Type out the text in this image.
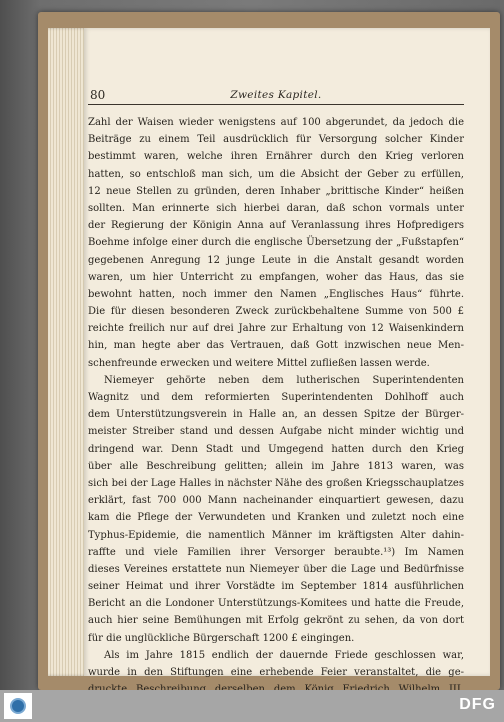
80	Zweites Kapitel.
Zahl der Waisen wieder wenigstens auf 100 abgerundet, da jedoch die
Beiträge zu einem Teil ausdrücklich für Versorgung solcher Kinder
bestimmt waren, welche ihren Ernährer durch den Krieg verloren
hatten, so entschloß man sich, um die Absicht der Geber zu erfüllen,
12 neue Stellen zu gründen, deren Inhaber „brittische Kinder“ heißen
sollten. Man erinnerte sich hierbei daran, daß schon vormals unter
der Regierung der Königin Anna auf Veranlassung ihres Hofpredigers
Boehme infolge einer durch die englische Übersetzung der „Fußstapfen“
gegebenen Anregung 12 junge Leute in die Anstalt gesandt worden
waren, um hier Unterricht zu empfangen, woher das Haus, das sie
bewohnt hatten, noch immer den Namen „Englisches Haus“ führte.
Die für diesen besonderen Zweck zurückbehaltene Summe von 500 £
reichte freilich nur auf drei Jahre zur Erhaltung von 12 Waisenkindern
hin, man hegte aber das Vertrauen, daß Gott inzwischen neue Men-
schenfreunde erwecken und weitere Mittel zufließen lassen werde.
Niemeyer gehörte neben dem lutherischen Superintendenten
Wagnitz und dem reformierten Superintendenten Dohlhoff auch
dem Unterstützungsverein in Halle an, an dessen Spitze der Bürger-
meister Streiber stand und dessen Aufgabe nicht minder wichtig und
dringend war. Denn Stadt und Umgegend hatten durch den Krieg
über alle Beschreibung gelitten; allein im Jahre 1813 waren, was
sich bei der Lage Halles in nächster Nähe des großen Kriegsschauplatzes
erklärt, fast 700 000 Mann nacheinander einquartiert gewesen, dazu
kam die Pflege der Verwundeten und Kranken und zuletzt noch eine
Typhus-Epidemie, die namentlich Männer im kräftigsten Alter dahin-
raffte und viele Familien ihrer Versorger beraubte.¹³) Im Namen
dieses Vereines erstattete nun Niemeyer über die Lage und Bedürfnisse
seiner Heimat und ihrer Vorstädte im September 1814 ausführlichen
Bericht an die Londoner Unterstützungs-Komitees und hatte die Freude,
auch hier seine Bemühungen mit Erfolg gekrönt zu sehen, da von dort
für die unglückliche Bürgerschaft 1200 £ eingingen.
Als im Jahre 1815 endlich der dauernde Friede geschlossen war,
wurde in den Stiftungen eine erhebende Feier veranstaltet, die ge-
DFG
